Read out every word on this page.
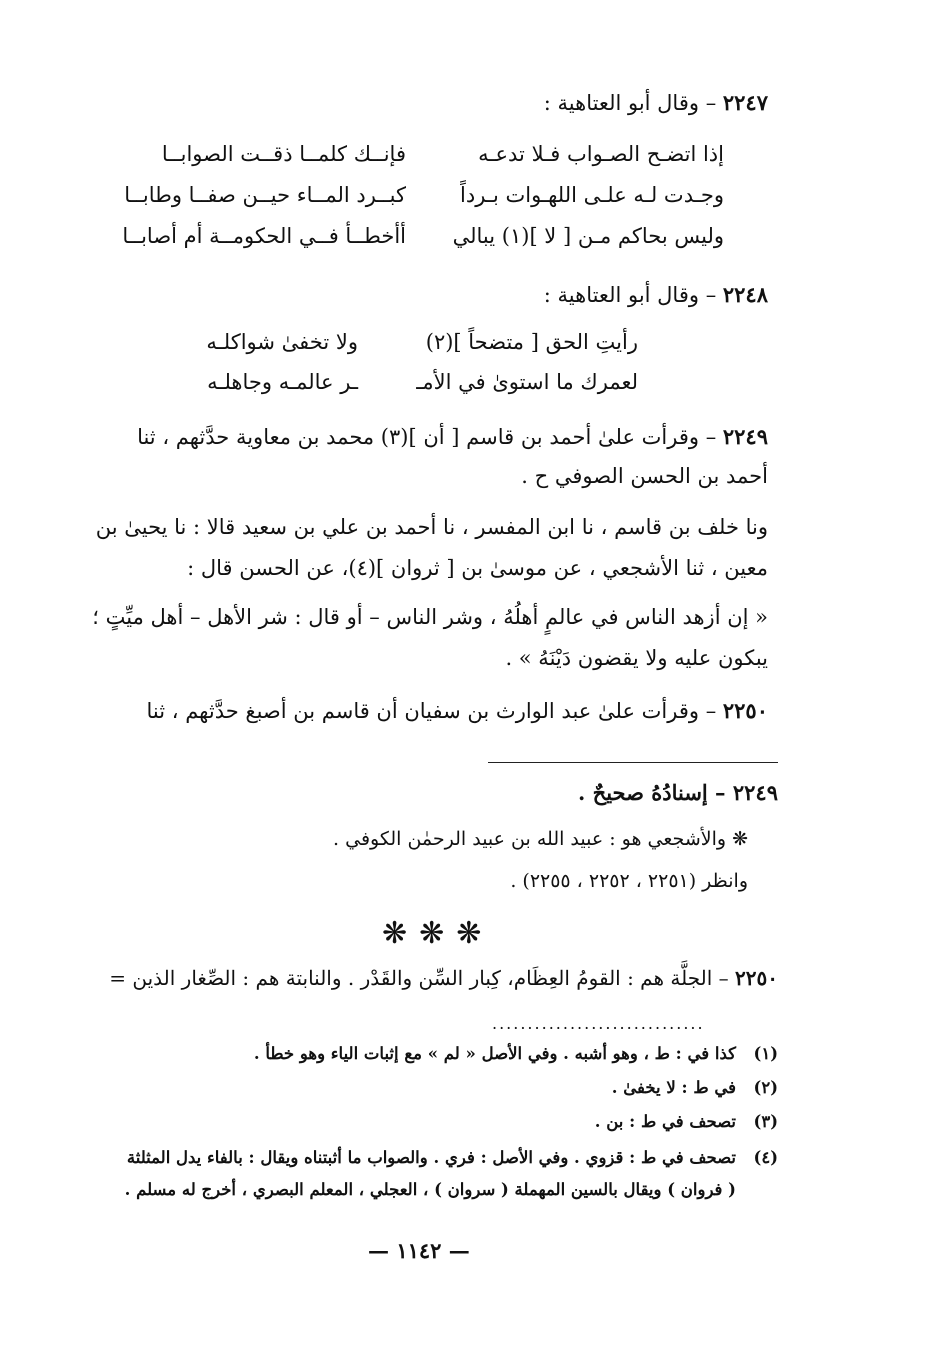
٢٢٤٧ – وقال أبو العتاهية :
إذا اتضـح الصـواب فـلا تدعـه
فإنــك كلمــا ذقــت الصوابــا
وجـدت لـه علـى اللهـوات بـرداً
كبــرد المــاء حيــن صفــا وطابــا
وليس بحاكم مـن [ لا ](١) يبالي
أأخطــأ فــي الحكومــة أم أصابــا
٢٢٤٨ – وقال أبو العتاهية :
رأيتِ الحق [ متضحاً ](٢)
ولا تخفىٰ شواكلـه
لعمرك ما استوىٰ في الأمـ
ـر عالمـه وجاهلـه
٢٢٤٩ – وقرأت علىٰ أحمد بن قاسم [ أن ](٣) محمد بن معاوية حدَّثهم ، ثنا
أحمد بن الحسن الصوفي ح .
ونا خلف بن قاسم ، نا ابن المفسر ، نا أحمد بن علي بن سعيد قالا : نا يحيىٰ بن
معين ، ثنا الأشجعي ، عن موسىٰ بن [ ثروان ](٤)، عن الحسن قال :
« إن أزهد الناس في عالمٍ أهلُهُ ، وشر الناس – أو قال : شر الأهل – أهل ميِّتٍ ؛
يبكون عليه ولا يقضون دَيْنَهُ » .
٢٢٥٠ – وقرأت علىٰ عبد الوارث بن سفيان أن قاسم بن أصبغ حدَّثهم ، ثنا
٢٢٤٩ – إسنادُهُ صحيحٌ .
❋ والأشجعي هو : عبيد الله بن عبيد الرحمٰن الكوفي .
وانظر (٢٢٥١ ، ٢٢٥٢ ، ٢٢٥٥) .
❋❋❋
٢٢٥٠ – الجلَّة هم : القومُ العِظَام، كِبار السِّن والقَدْر . والنابتة هم : الصِّغار الذين =
..............................
(١)كذا في : ط ، وهو أشبه . وفي الأصل « لم » مع إثبات الياء وهو خطأ .
(٢)في ط : لا يخفىٰ .
(٣)تصحف في ط : بن .
(٤)تصحف في ط : قزوي . وفي الأصل : فري . والصواب ما أثبتناه ويقال : بالفاء يدل المثلثة
( فروان ) ويقال بالسين المهملة ( سروان ) ، العجلي ، المعلم البصري ، أخرج له مسلم .
— ١١٤٢ —
